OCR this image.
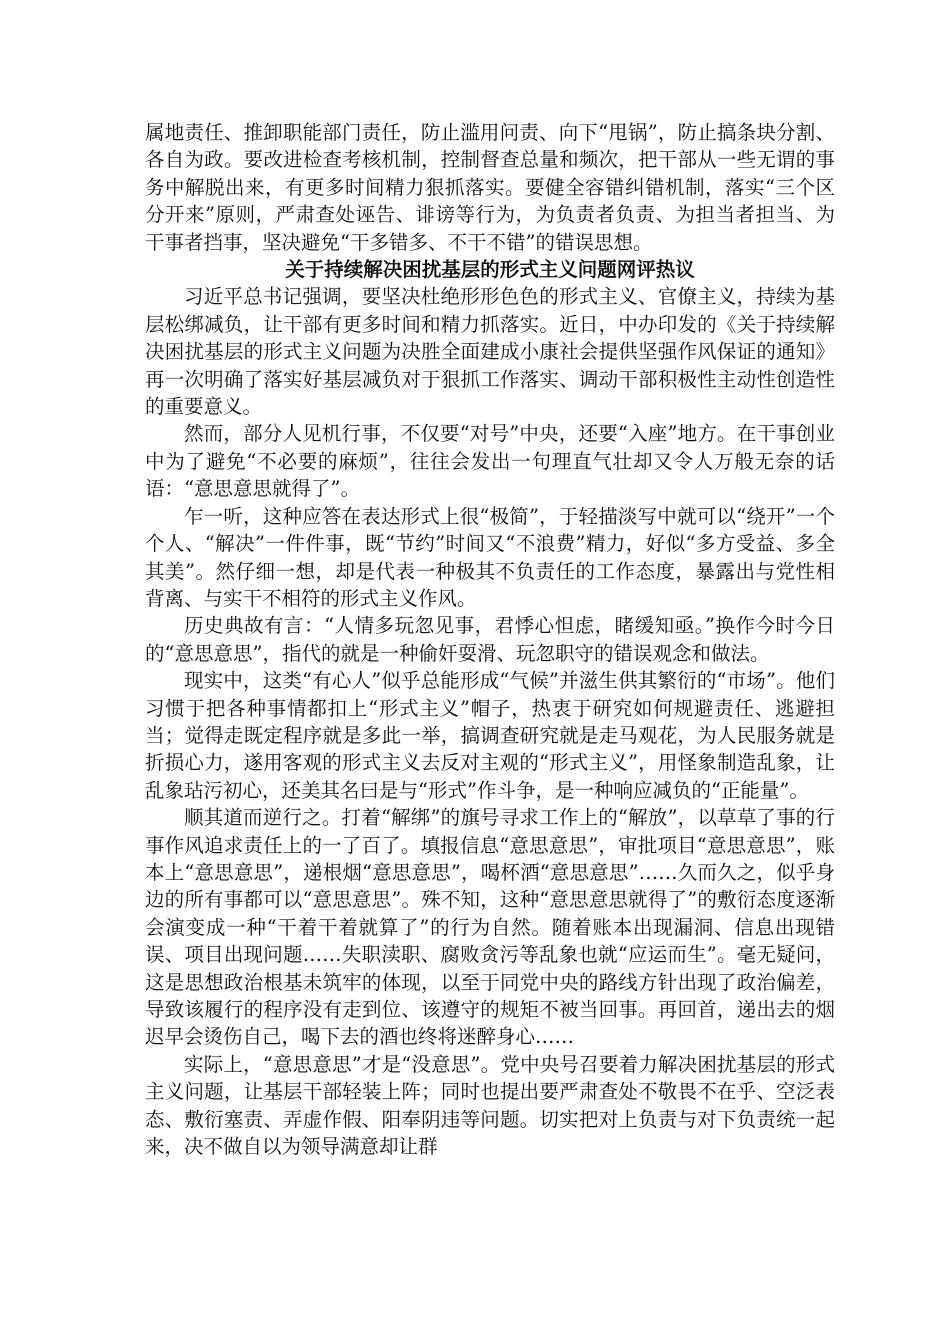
属地责任、推卸职能部门责任，防止滥用问责、向下“甩锅”，防止搞条块分割、各自为政。要改进检查考核机制，控制督查总量和频次，把干部从一些无谓的事务中解脱出来，有更多时间精力狠抓落实。要健全容错纠错机制，落实“三个区分开来”原则，严肃查处诬告、诽谤等行为，为负责者负责、为担当者担当、为干事者挡事，坚决避免“干多错多、不干不错”的错误思想。

关于持续解决困扰基层的形式主义问题网评热议

习近平总书记强调，要坚决杜绝形形色色的形式主义、官僚主义，持续为基层松绑减负，让干部有更多时间和精力抓落实。近日，中办印发的《关于持续解决困扰基层的形式主义问题为决胜全面建成小康社会提供坚强作风保证的通知》再一次明确了落实好基层减负对于狠抓工作落实、调动干部积极性主动性创造性的重要意义。

然而，部分人见机行事，不仅要“对号”中央，还要“入座”地方。在干事创业中为了避免“不必要的麻烦”，往往会发出一句理直气壮却又令人万般无奈的话语：“意思意思就得了”。

乍一听，这种应答在表达形式上很“极简”，于轻描淡写中就可以“绕开”一个个人、“解决”一件件事，既“节约”时间又“不浪费”精力，好似“多方受益、多全其美”。然仔细一想，却是代表一种极其不负责任的工作态度，暴露出与党性相背离、与实干不相符的形式主义作风。

历史典故有言：“人情多玩忽见事，君悸心怛虑，睹缓知亟。”换作今时今日的“意思意思”，指代的就是一种偷奸耍滑、玩忽职守的错误观念和做法。

现实中，这类“有心人”似乎总能形成“气候”并滋生供其繁衍的“市场”。他们习惯于把各种事情都扣上“形式主义”帽子，热衷于研究如何规避责任、逃避担当；觉得走既定程序就是多此一举，搞调查研究就是走马观花，为人民服务就是折损心力，遂用客观的形式主义去反对主观的“形式主义”，用怪象制造乱象，让乱象玷污初心，还美其名曰是与“形式”作斗争，是一种响应减负的“正能量”。

顺其道而逆行之。打着“解绑”的旗号寻求工作上的“解放”，以草草了事的行事作风追求责任上的一了百了。填报信息“意思意思”，审批项目“意思意思”，账本上“意思意思”，递根烟“意思意思”，喝杯酒“意思意思”……久而久之，似乎身边的所有事都可以“意思意思”。殊不知，这种“意思意思就得了”的敷衍态度逐渐会演变成一种“干着干着就算了”的行为自然。随着账本出现漏洞、信息出现错误、项目出现问题……失职渎职、腐败贪污等乱象也就“应运而生”。毫无疑问，这是思想政治根基未筑牢的体现，以至于同党中央的路线方针出现了政治偏差，导致该履行的程序没有走到位、该遵守的规矩不被当回事。再回首，递出去的烟迟早会烫伤自己，喝下去的酒也终将迷醉身心……

实际上，“意思意思”才是“没意思”。党中央号召要着力解决困扰基层的形式主义问题，让基层干部轻装上阵；同时也提出要严肃查处不敬畏不在乎、空泛表态、敷衍塞责、弄虚作假、阳奉阴违等问题。切实把对上负责与对下负责统一起来，决不做自以为领导满意却让群
